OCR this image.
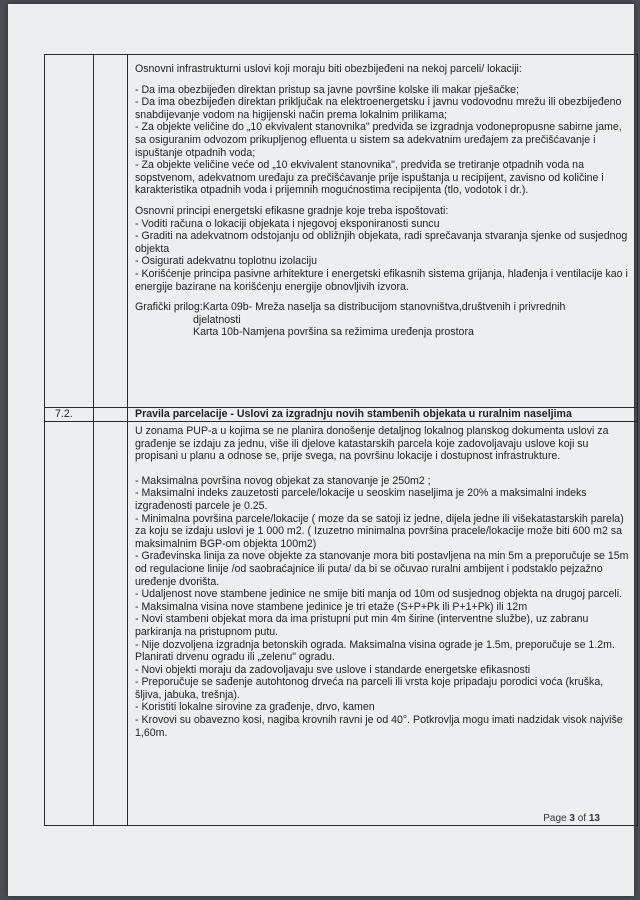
Osnovni infrastrukturni uslovi koji moraju biti obezbijeđeni na nekoj parceli/ lokaciji:

- Da ima obezbijeđen direktan pristup sa javne površine kolske ili makar pješačke;

- Da ima obezbijeđen direktan priključak na elektroenergetsku i javnu vodovodnu mrežu ili obezbijeđeno snabdijevanje vodom na higijenski način prema lokalnim prilikama;

- Za objekte veličine do „10 ekvivalent stanovnika" predviđa se izgradnja vodonepropusne sabirne jame, sa osiguranim odvozom prikupljenog efluenta u sistem sa adekvatnim uređajem za prečišćavanje i ispuštanje otpadnih voda;

- Za objekte veličine veće od „10 ekvivalent stanovnika", predviđa se tretiranje otpadnih voda na sopstvenom, adekvatnom uređaju za prečišćavanje prije ispuštanja u recipijent, zavisno od količine i karakteristika otpadnih voda i prijemnih mogućnostima recipijenta (tlo, vodotok i dr.).

Osnovni principi energetski efikasne gradnje koje treba ispoštovati:

- Voditi računa o lokaciji objekata i njegovoj eksponiranosti suncu

- Graditi na adekvatnom odstojanju od obližnjih objekata, radi sprečavanja stvaranja sjenke od susjednog objekta

- Osigurati adekvatnu toplotnu izolaciju

- Korišćenje principa pasivne arhitekture i energetski efikasnih sistema grijanja, hlađenja i ventilacije kao i energije bazirane na korišćenju energije obnovljivih izvora.

Grafički prilog:Karta 09b- Mreža naselja sa distribucijom stanovništva,društvenih i privrednih
djelatnosti
Karta 10b-Namjena površina sa režimima uređenja prostora
7.2.	Pravila parcelacije - Uslovi za izgradnju novih stambenih objekata u ruralnim naseljima

U zonama PUP-a u kojima se ne planira donošenje detaljnog lokalnog planskog dokumenta uslovi za građenje se izdaju za jednu, više ili djelove katastarskih parcela koje zadovoljavaju uslove koji su propisani u planu a odnose se, prije svega, na površinu lokacije i dostupnost infrastrukture.

- Maksimalna površina novog objekat za stanovanje je 250m2 ;

- Maksimalni indeks zauzetosti parcele/lokacije u seoskim naseljima je 20% a maksimalni indeks izgrađenosti parcele je 0.25.

- Minimalna površina parcele/lokacije ( moze da se satoji iz jedne, dijela jedne ili višekatastarskih parela) za koju se izdaju uslovi je 1 000 m2. ( Izuzetno minimalna površina pracele/lokacije može biti 600 m2 sa maksimalnim BGP-om objekta 100m2)

- Građevinska linija za nove objekte za stanovanje mora biti postavljena na min 5m a preporučuje se 15m od regulacione linije /od saobraćajnice ili puta/ da bi se očuvao ruralni ambijent i podstaklo pejzažno uređenje dvorišta.

- Udaljenost nove stambene jedinice ne smije biti manja od 10m od susjednog objekta na drugoj parceli.

- Maksimalna visina nove stambene jedinice je tri etaže (S+P+Pk ili P+1+Pk) ili 12m

- Novi stambeni objekat mora da ima pristupni put min 4m širine (interventne službe), uz zabranu parkiranja na pristupnom putu.

- Nije dozvoljena izgradnja betonskih ograda. Maksimalna visina ograde je 1.5m, preporučuje se 1.2m. Planirati drvenu ogradu ili „zelenu" ogradu.

- Novi objekti moraju da zadovoljavaju sve uslove i standarde energetske efikasnosti

- Preporučuje se sađenje autohtonog drveća na parceli ili vrsta koje pripadaju porodici voća (kruška, šljiva, jabuka, trešnja).

- Koristiti lokalne sirovine za građenje, drvo, kamen

- Krovovi su obavezno kosi, nagiba krovnih ravni je od 40°. Potkrovlja mogu imati nadzidak visok najviše 1,60m.

Page 3 of 13
